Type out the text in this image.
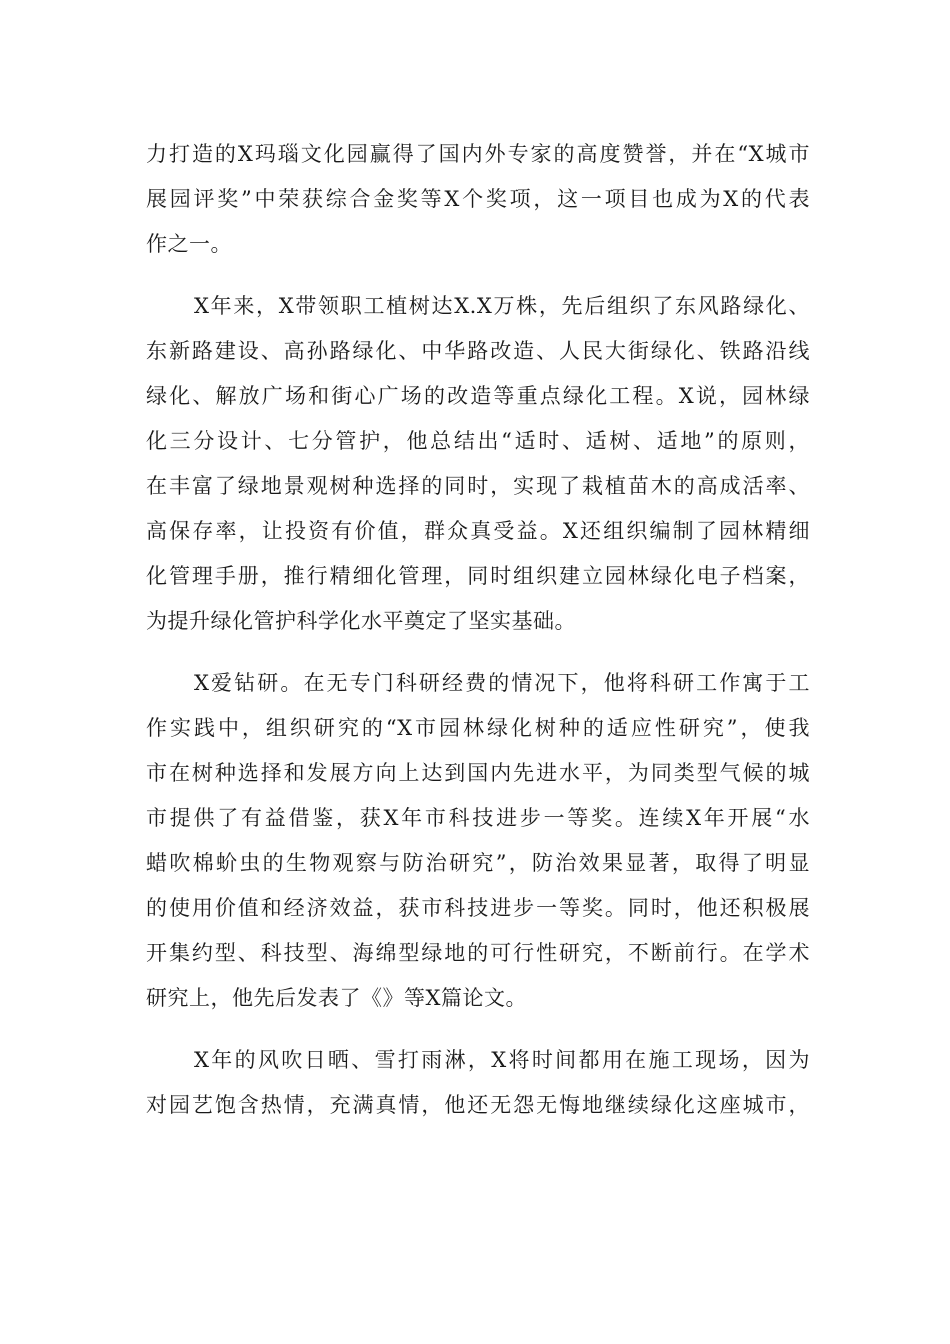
力打造的X玛瑙文化园赢得了国内外专家的高度赞誉，并在“X城市
展园评奖”中荣获综合金奖等X个奖项，这一项目也成为X的代表
作之一。
X年来，X带领职工植树达X.X万株，先后组织了东风路绿化、
东新路建设、高孙路绿化、中华路改造、人民大街绿化、铁路沿线
绿化、解放广场和街心广场的改造等重点绿化工程。X说，园林绿
化三分设计、七分管护，他总结出“适时、适树、适地”的原则，
在丰富了绿地景观树种选择的同时，实现了栽植苗木的高成活率、
高保存率，让投资有价值，群众真受益。X还组织编制了园林精细
化管理手册，推行精细化管理，同时组织建立园林绿化电子档案，
为提升绿化管护科学化水平奠定了坚实基础。
X爱钻研。在无专门科研经费的情况下，他将科研工作寓于工
作实践中，组织研究的“X市园林绿化树种的适应性研究”，使我
市在树种选择和发展方向上达到国内先进水平，为同类型气候的城
市提供了有益借鉴，获X年市科技进步一等奖。连续X年开展“水
蜡吹棉蚧虫的生物观察与防治研究”，防治效果显著，取得了明显
的使用价值和经济效益，获市科技进步一等奖。同时，他还积极展
开集约型、科技型、海绵型绿地的可行性研究，不断前行。在学术
研究上，他先后发表了《》等X篇论文。
X年的风吹日晒、雪打雨淋，X将时间都用在施工现场，因为
对园艺饱含热情，充满真情，他还无怨无悔地继续绿化这座城市，
